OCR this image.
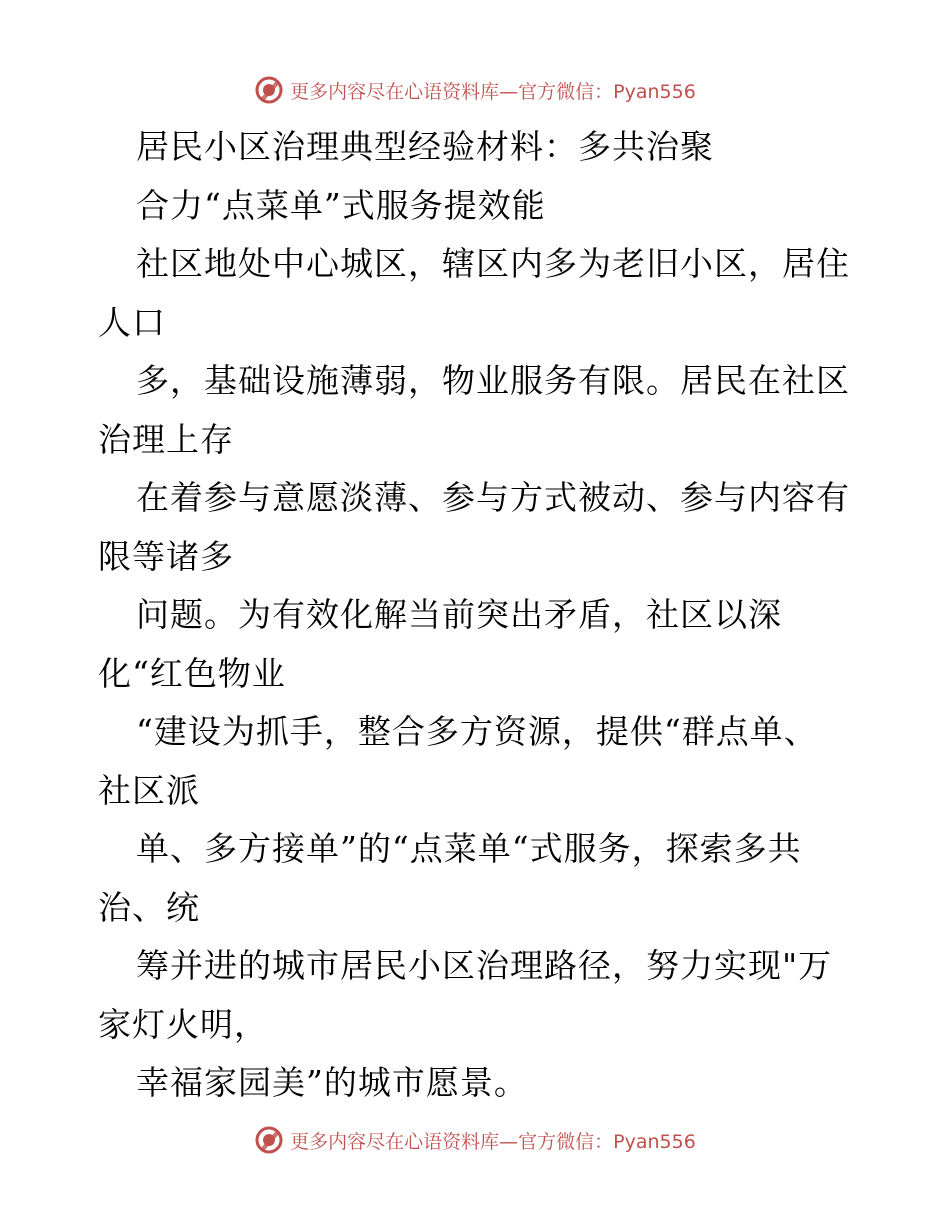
更多内容尽在心语资料库—官方微信：Pyan556
居民小区治理典型经验材料：多共治聚
合力“点菜单”式服务提效能
社区地处中心城区，辖区内多为老旧小区，居住
人口
多，基础设施薄弱，物业服务有限。居民在社区
治理上存
在着参与意愿淡薄、参与方式被动、参与内容有
限等诸多
问题。为有效化解当前突出矛盾，社区以深
化“红色物业
“建设为抓手，整合多方资源，提供“群点单、
社区派
单、多方接单”的“点菜单“式服务，探索多共
治、统
筹并进的城市居民小区治理路径，努力实现"万
家灯火明，
幸福家园美”的城市愿景。
更多内容尽在心语资料库—官方微信：Pyan556
